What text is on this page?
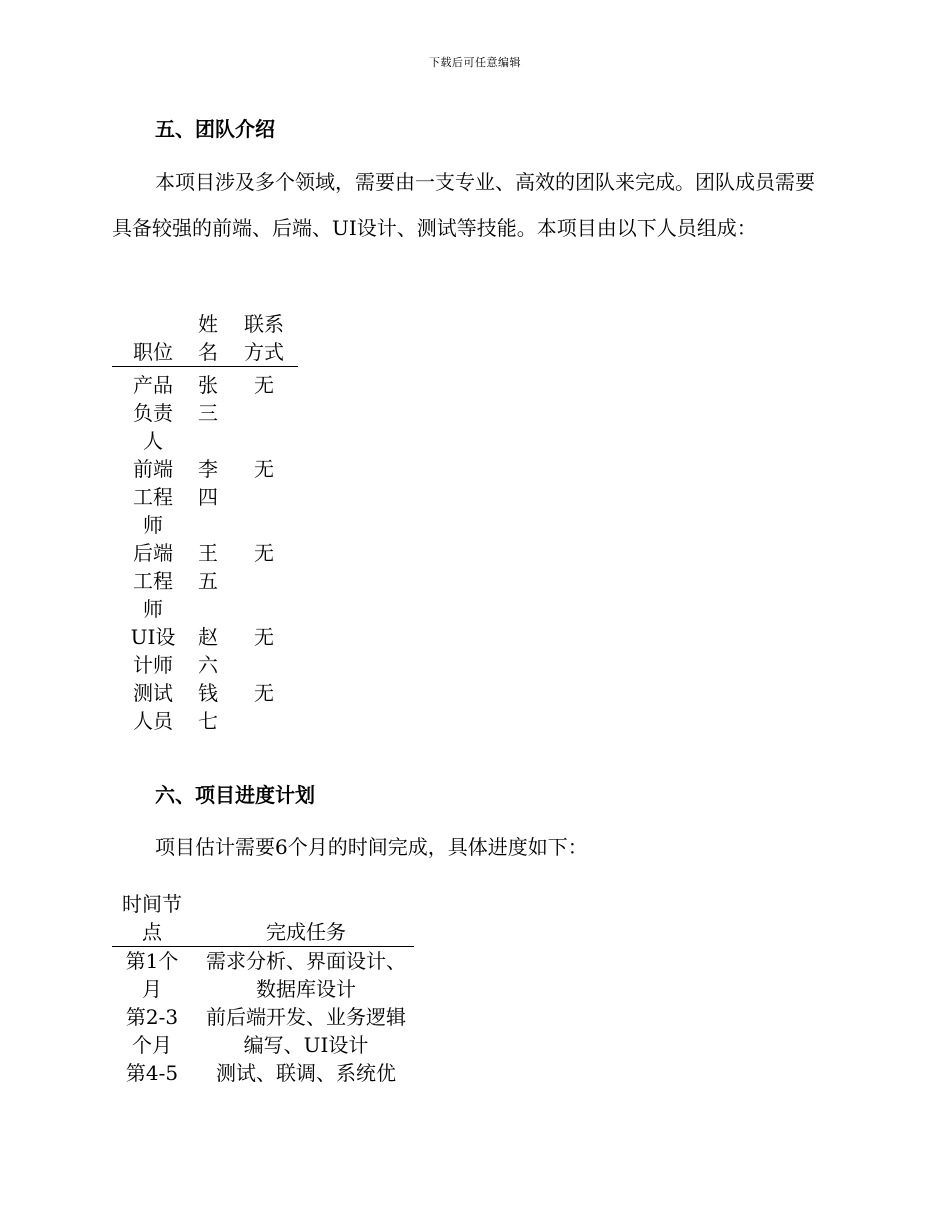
下载后可任意编辑
五、团队介绍

本项目涉及多个领域，需要由一支专业、高效的团队来完成。团队成员需要具备较强的前端、后端、UI设计、测试等技能。本项目由以下人员组成：

职位	姓名	联系方式
产品负责人	张三	无
前端工程师	李四	无
后端工程师	王五	无
UI设计师	赵六	无
测试人员	钱七	无
六、项目进度计划

项目估计需要6个月的时间完成，具体进度如下：

时间节点	完成任务
第1个月	需求分析、界面设计、数据库设计
第2-3个月	前后端开发、业务逻辑编写、UI设计
第4-5	测试、联调、系统优
